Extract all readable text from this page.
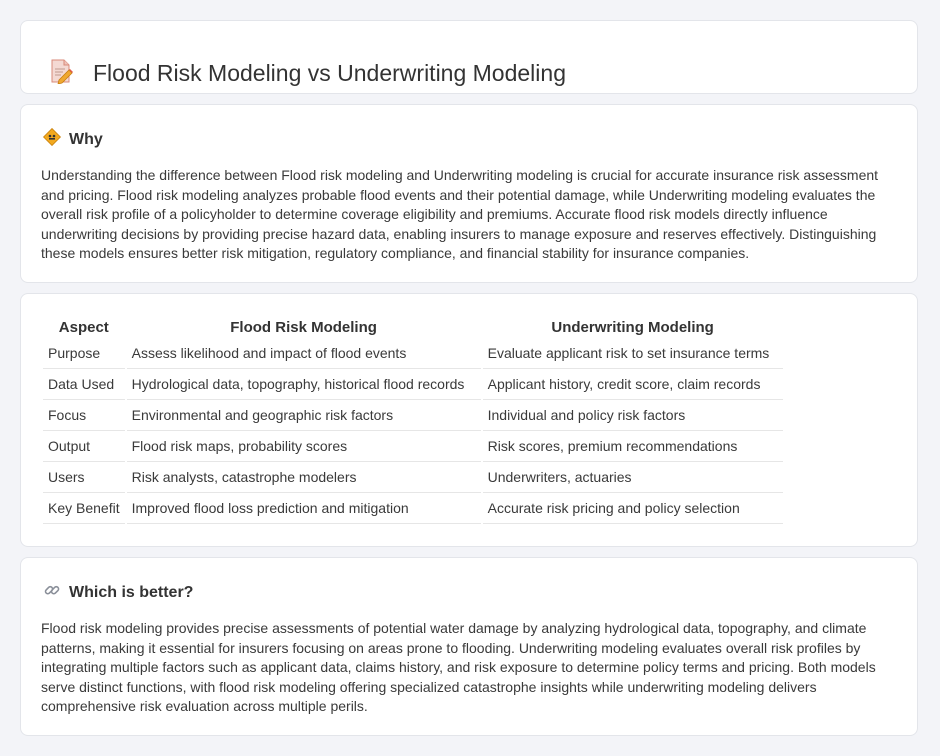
Flood Risk Modeling vs Underwriting Modeling
Why

Understanding the difference between Flood risk modeling and Underwriting modeling is crucial for accurate insurance risk assessment and pricing. Flood risk modeling analyzes probable flood events and their potential damage, while Underwriting modeling evaluates the overall risk profile of a policyholder to determine coverage eligibility and premiums. Accurate flood risk models directly influence underwriting decisions by providing precise hazard data, enabling insurers to manage exposure and reserves effectively. Distinguishing these models ensures better risk mitigation, regulatory compliance, and financial stability for insurance companies.

Aspect	Flood Risk Modeling	Underwriting Modeling
Purpose	Assess likelihood and impact of flood events	Evaluate applicant risk to set insurance terms
Data Used	Hydrological data, topography, historical flood records	Applicant history, credit score, claim records
Focus	Environmental and geographic risk factors	Individual and policy risk factors
Output	Flood risk maps, probability scores	Risk scores, premium recommendations
Users	Risk analysts, catastrophe modelers	Underwriters, actuaries
Key Benefit	Improved flood loss prediction and mitigation	Accurate risk pricing and policy selection
Which is better?

Flood risk modeling provides precise assessments of potential water damage by analyzing hydrological data, topography, and climate patterns, making it essential for insurers focusing on areas prone to flooding. Underwriting modeling evaluates overall risk profiles by integrating multiple factors such as applicant data, claims history, and risk exposure to determine policy terms and pricing. Both models serve distinct functions, with flood risk modeling offering specialized catastrophe insights while underwriting modeling delivers comprehensive risk evaluation across multiple perils.
